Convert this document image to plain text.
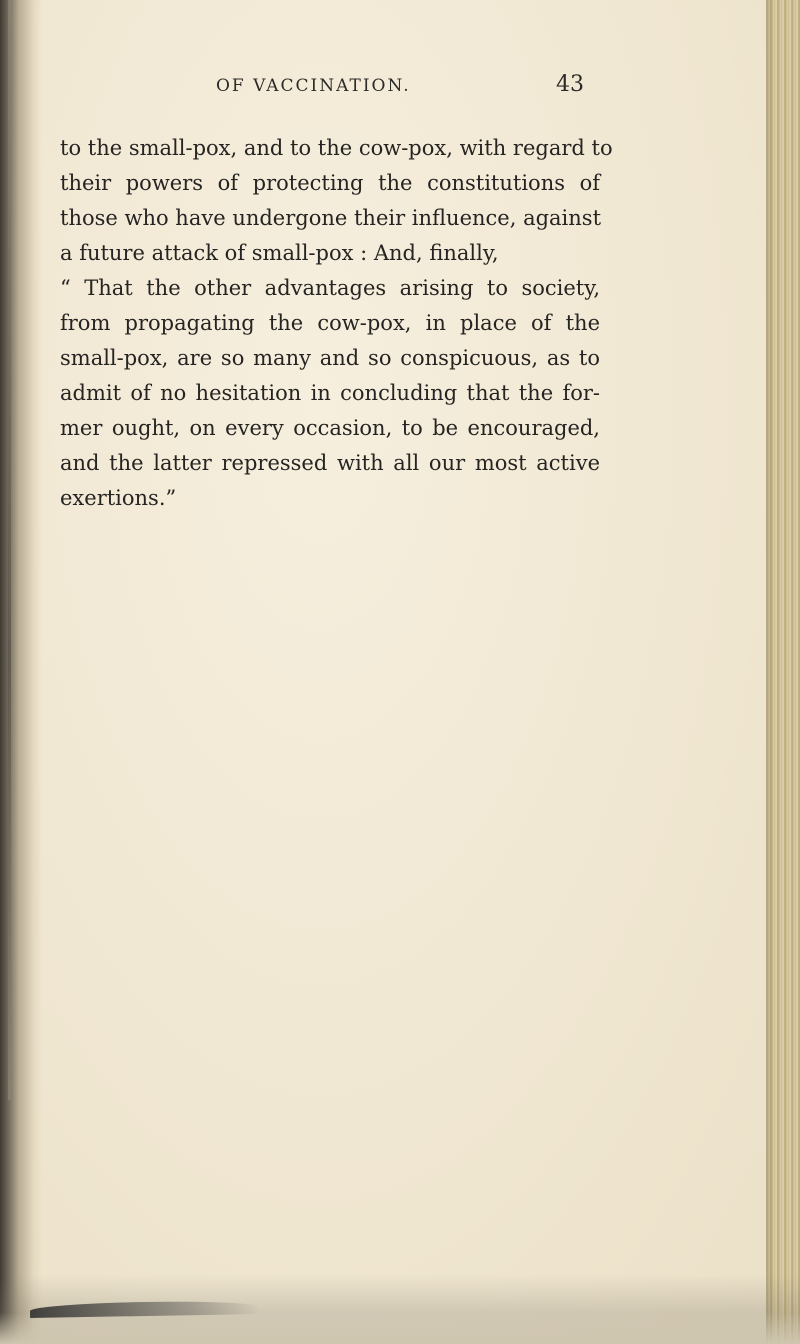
OF VACCINATION.	43
to the small-pox, and to the cow-pox, with regard to
their powers of protecting the constitutions of
those who have undergone their influence, against
a future attack of small-pox : And, finally,
“ That the other advantages arising to society,
from propagating the cow-pox, in place of the
small-pox, are so many and so conspicuous, as to
admit of no hesitation in concluding that the for-
mer ought, on every occasion, to be encouraged,
and the latter repressed with all our most active
exertions.”
